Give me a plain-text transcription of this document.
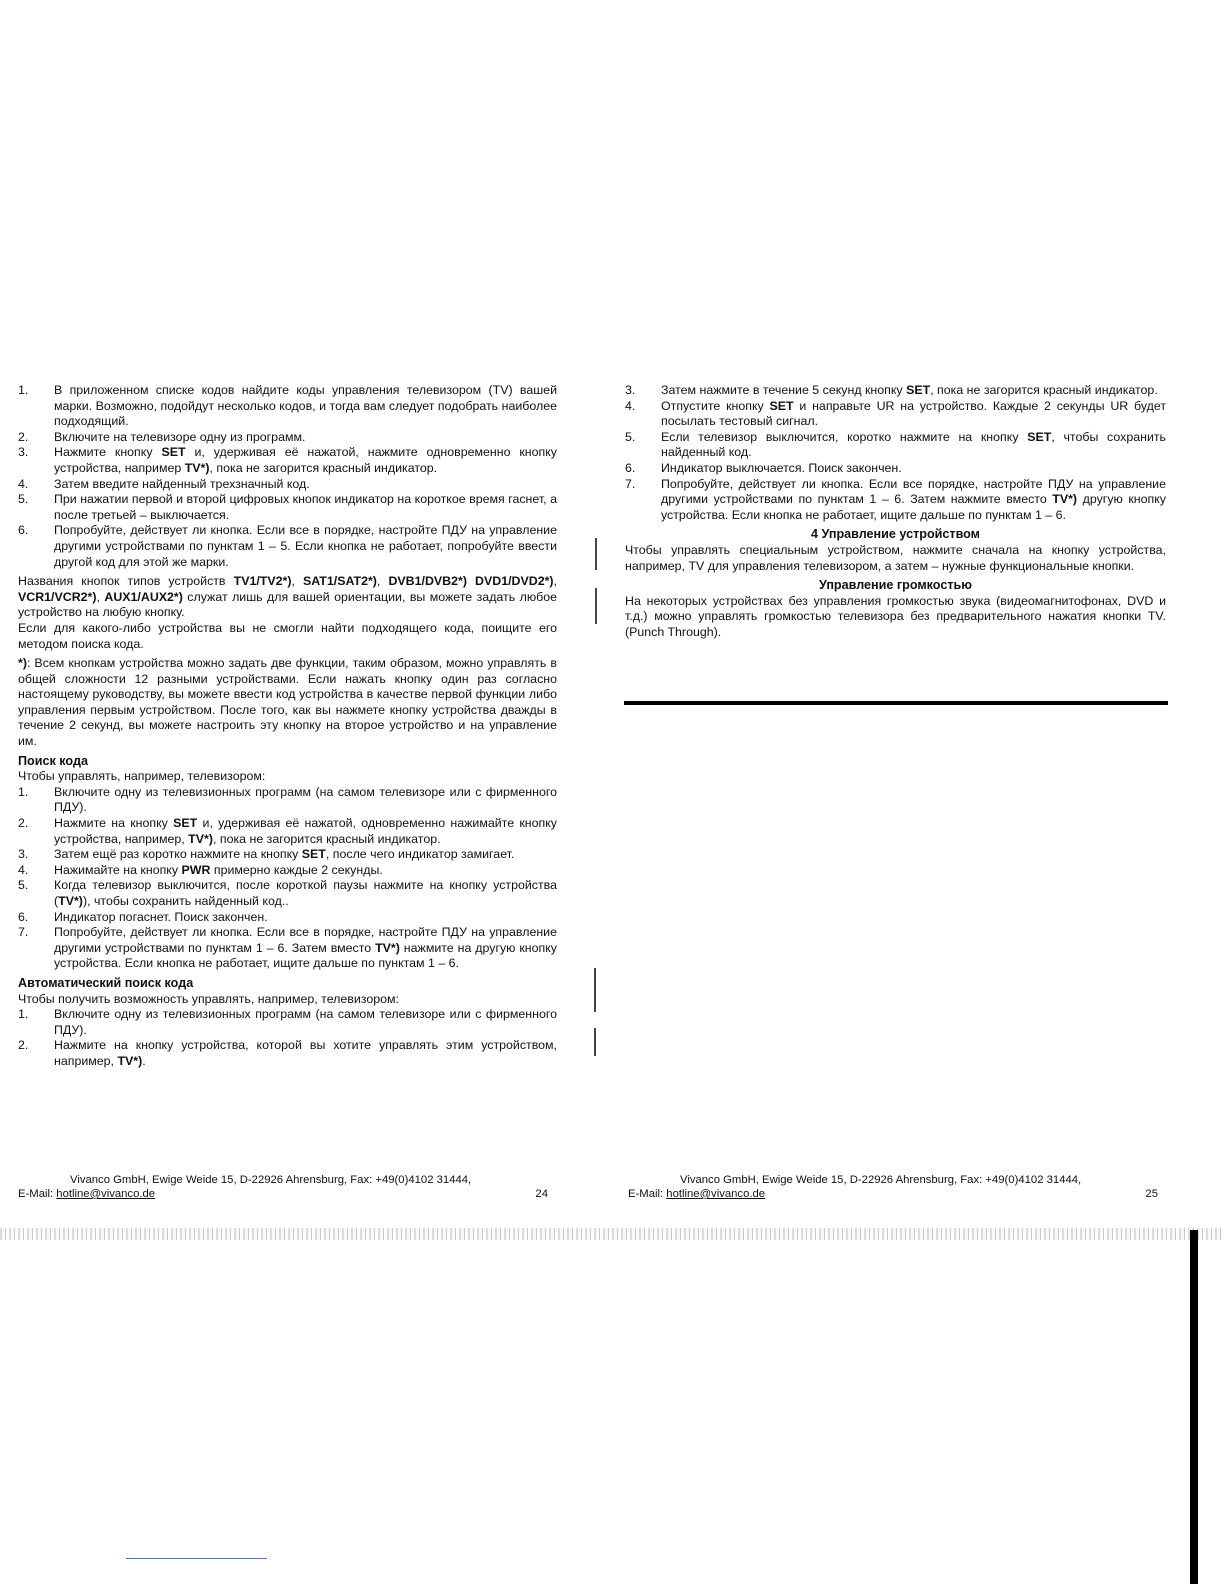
1. В приложенном списке кодов найдите коды управления телевизором (TV) вашей марки. Возможно, подойдут несколько кодов, и тогда вам следует подобрать наиболее подходящий.
2. Включите на телевизоре одну из программ.
3. Нажмите кнопку SET и, удерживая её нажатой, нажмите одновременно кнопку устройства, например TV*), пока не загорится красный индикатор.
4. Затем введите найденный трехзначный код.
5. При нажатии первой и второй цифровых кнопок индикатор на короткое время гаснет, а после третьей – выключается.
6. Попробуйте, действует ли кнопка. Если все в порядке, настройте ПДУ на управление другими устройствами по пунктам 1 – 5. Если кнопка не работает, попробуйте ввести другой код для этой же марки.

Названия кнопок типов устройств TV1/TV2*), SAT1/SAT2*), DVB1/DVB2*) DVD1/DVD2*), VCR1/VCR2*), AUX1/AUX2*) служат лишь для вашей ориентации, вы можете задать любое устройство на любую кнопку.

Если для какого-либо устройства вы не смогли найти подходящего кода, поищите его методом поиска кода.

*): Всем кнопкам устройства можно задать две функции, таким образом, можно управлять в общей сложности 12 разными устройствами. Если нажать кнопку один раз согласно настоящему руководству, вы можете ввести код устройства в качестве первой функции либо управления первым устройством. После того, как вы нажмете кнопку устройства дважды в течение 2 секунд, вы можете настроить эту кнопку на второе устройство и на управление им.

Поиск кода

Чтобы управлять, например, телевизором:

1. Включите одну из телевизионных программ (на самом телевизоре или с фирменного ПДУ).
2. Нажмите на кнопку SET и, удерживая её нажатой, одновременно нажимайте кнопку устройства, например, TV*), пока не загорится красный индикатор.
3. Затем ещё раз коротко нажмите на кнопку SET, после чего индикатор замигает.
4. Нажимайте на кнопку PWR примерно каждые 2 секунды.
5. Когда телевизор выключится, после короткой паузы нажмите на кнопку устройства (TV*)), чтобы сохранить найденный код..
6. Индикатор погаснет. Поиск закончен.
7. Попробуйте, действует ли кнопка. Если все в порядке, настройте ПДУ на управление другими устройствами по пунктам 1 – 6. Затем вместо TV*) нажмите на другую кнопку устройства. Если кнопка не работает, ищите дальше по пунктам 1 – 6.
Автоматический поиск кода

Чтобы получить возможность управлять, например, телевизором:

1. Включите одну из телевизионных программ (на самом телевизоре или с фирменного ПДУ).
2. Нажмите на кнопку устройства, которой вы хотите управлять этим устройством, например, TV*).
3. Затем нажмите в течение 5 секунд кнопку SET, пока не загорится красный индикатор.
4. Отпустите кнопку SET и направьте UR на устройство. Каждые 2 секунды UR будет посылать тестовый сигнал.
5. Если телевизор выключится, коротко нажмите на кнопку SET, чтобы сохранить найденный код.
6. Индикатор выключается. Поиск закончен.
7. Попробуйте, действует ли кнопка. Если все порядке, настройте ПДУ на управление другими устройствами по пунктам 1 – 6. Затем нажмите вместо TV*) другую кнопку устройства. Если кнопка не работает, ищите дальше по пунктам 1 – 6.
4 Управление устройством

Чтобы управлять специальным устройством, нажмите сначала на кнопку устройства, например, TV для управления телевизором, а затем – нужные функциональные кнопки.

Управление громкостью

На некоторых устройствах без управления громкостью звука (видеомагнитофонах, DVD и т.д.) можно управлять громкостью телевизора без предварительного нажатия кнопки TV. (Punch Through).

Vivanco GmbH, Ewige Weide 15, D-22926 Ahrensburg, Fax: +49(0)4102 31444,
E-Mail: hotline@vivanco.de	24
Vivanco GmbH, Ewige Weide 15, D-22926 Ahrensburg, Fax: +49(0)4102 31444,
E-Mail: hotline@vivanco.de	25
